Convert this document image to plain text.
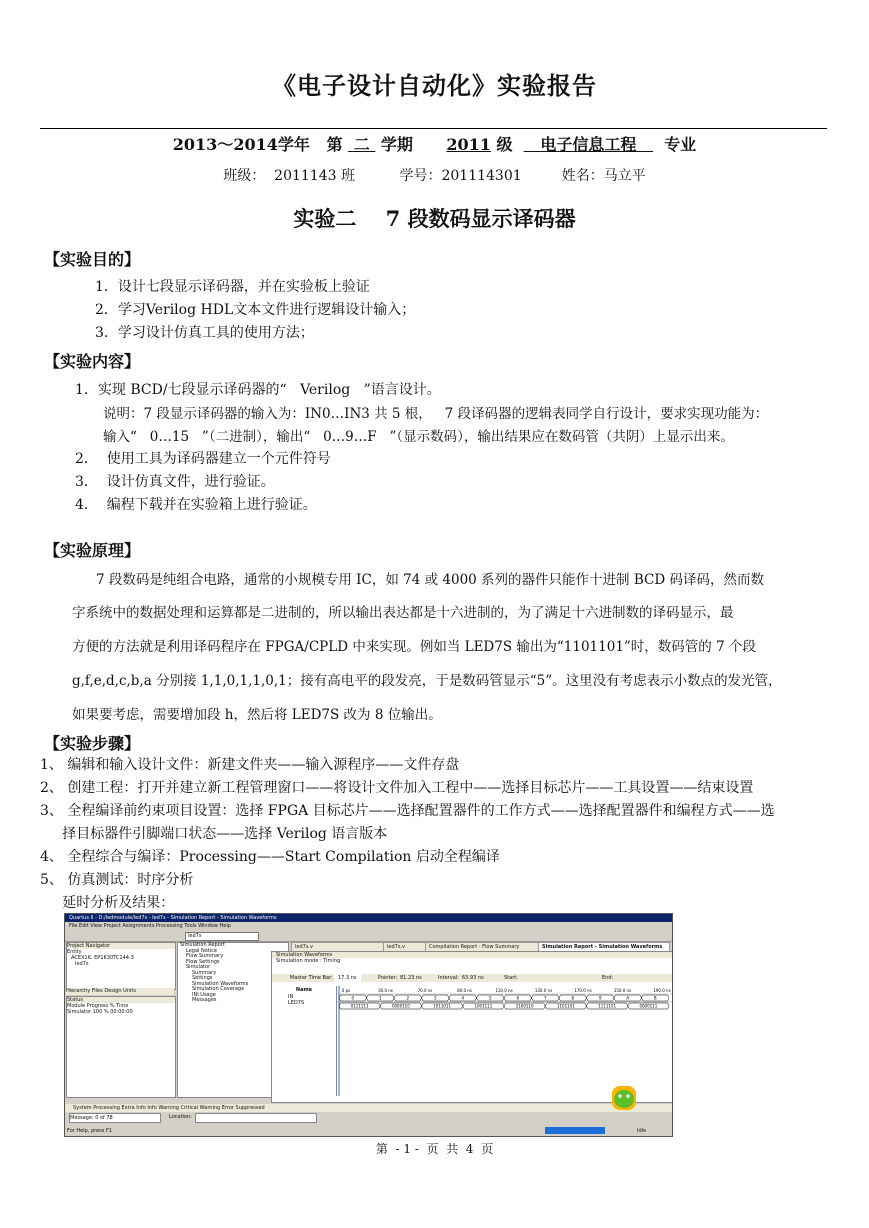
《电子设计自动化》实验报告
2013～2014学年 第 二 学期 2011 级 电子信息工程 专业
班级：  2011143 班          学号：201114301         姓名：马立平
实验二    7 段数码显示译码器
【实验目的】
1．设计七段显示译码器，并在实验板上验证
2．学习Verilog HDL文本文件进行逻辑设计输入；
3．学习设计仿真工具的使用方法；
【实验内容】
1．实现 BCD/七段显示译码器的“   Verilog   ”语言设计。
说明：7 段显示译码器的输入为：IN0…IN3 共 5 根，   7 段译码器的逻辑表同学自行设计，要求实现功能为：
输入“   0…15   ”（二进制），输出“   0…9…F   ”（显示数码），输出结果应在数码管（共阴）上显示出来。
2．  使用工具为译码器建立一个元件符号
3．  设计仿真文件，进行验证。
4．  编程下载并在实验箱上进行验证。
【实验原理】
7 段数码是纯组合电路，通常的小规模专用 IC，如 74 或 4000 系列的器件只能作十进制 BCD 码译码，然而数
字系统中的数据处理和运算都是二进制的，所以输出表达都是十六进制的，为了满足十六进制数的译码显示，最
方便的方法就是利用译码程序在 FPGA/CPLD 中来实现。例如当 LED7S 输出为“1101101”时，数码管的 7 个段
g,f,e,d,c,b,a 分别接 1,1,0,1,1,0,1；接有高电平的段发亮，于是数码管显示“5”。这里没有考虑表示小数点的发光管，
如果要考虑，需要增加段 h，然后将 LED7S 改为 8 位输出。
【实验步骤】
1、 编辑和输入设计文件：新建文件夹——输入源程序——文件存盘
2、 创建工程：打开并建立新工程管理窗口——将设计文件加入工程中——选择目标芯片——工具设置——结束设置
3、 全程编译前约束项目设置：选择 FPGA 目标芯片——选择配置器件的工作方式——选择配置器件和编程方式——选
择目标器件引脚端口状态——选择 Verilog 语言版本
4、 全程综合与编译：Processing——Start Compilation 启动全程编译
5、 仿真测试：时序分析
延时分析及结果：
Quartus II - D:/ledmodule/led7s - led7s - Simulation Report - Simulation Waveforms
File Edit View Project Assignments Processing Tools Window Help
led7s
Project Navigator
Entity
ACEX1K: EP1K30TC144-3
led7s
Hierarchy Files Design Units
Status
Module Progress % Time
Simulator 100 % 00:00:00
Simulation Report
Legal Notice
Flow Summary
Flow Settings
Simulator
Summary
Settings
Simulation Waveforms
Simulation Coverage
INI Usage
Messages
led7s.v	led7s.v	Compilation Report - Flow Summary	Simulation Report - Simulation Waveforms
Simulation Waveforms
Simulation mode : Timing
Master Time Bar:	17.3 ns	Pointer: 81.23 ns	Interval: 63.93 ns	Start:	End:
Name
IN
LED7S
0 ps	30.0 ns	70.0 ns	80.0 ns	110.0 ns	130.0 ns	170.0 ns	150.0 ns	190.0 ns
0	1	2	3	4	5	6	7	8	9	A	B
0111111	0000110	1011011	1001111	1100110	1101101	1111101	0000111
System Processing Extra Info Info Warning Critical Warning Error Suppressed
Message: 0 of 78	Location:
For Help, press F1	Idle
第  - 1 -  页  共  4  页
